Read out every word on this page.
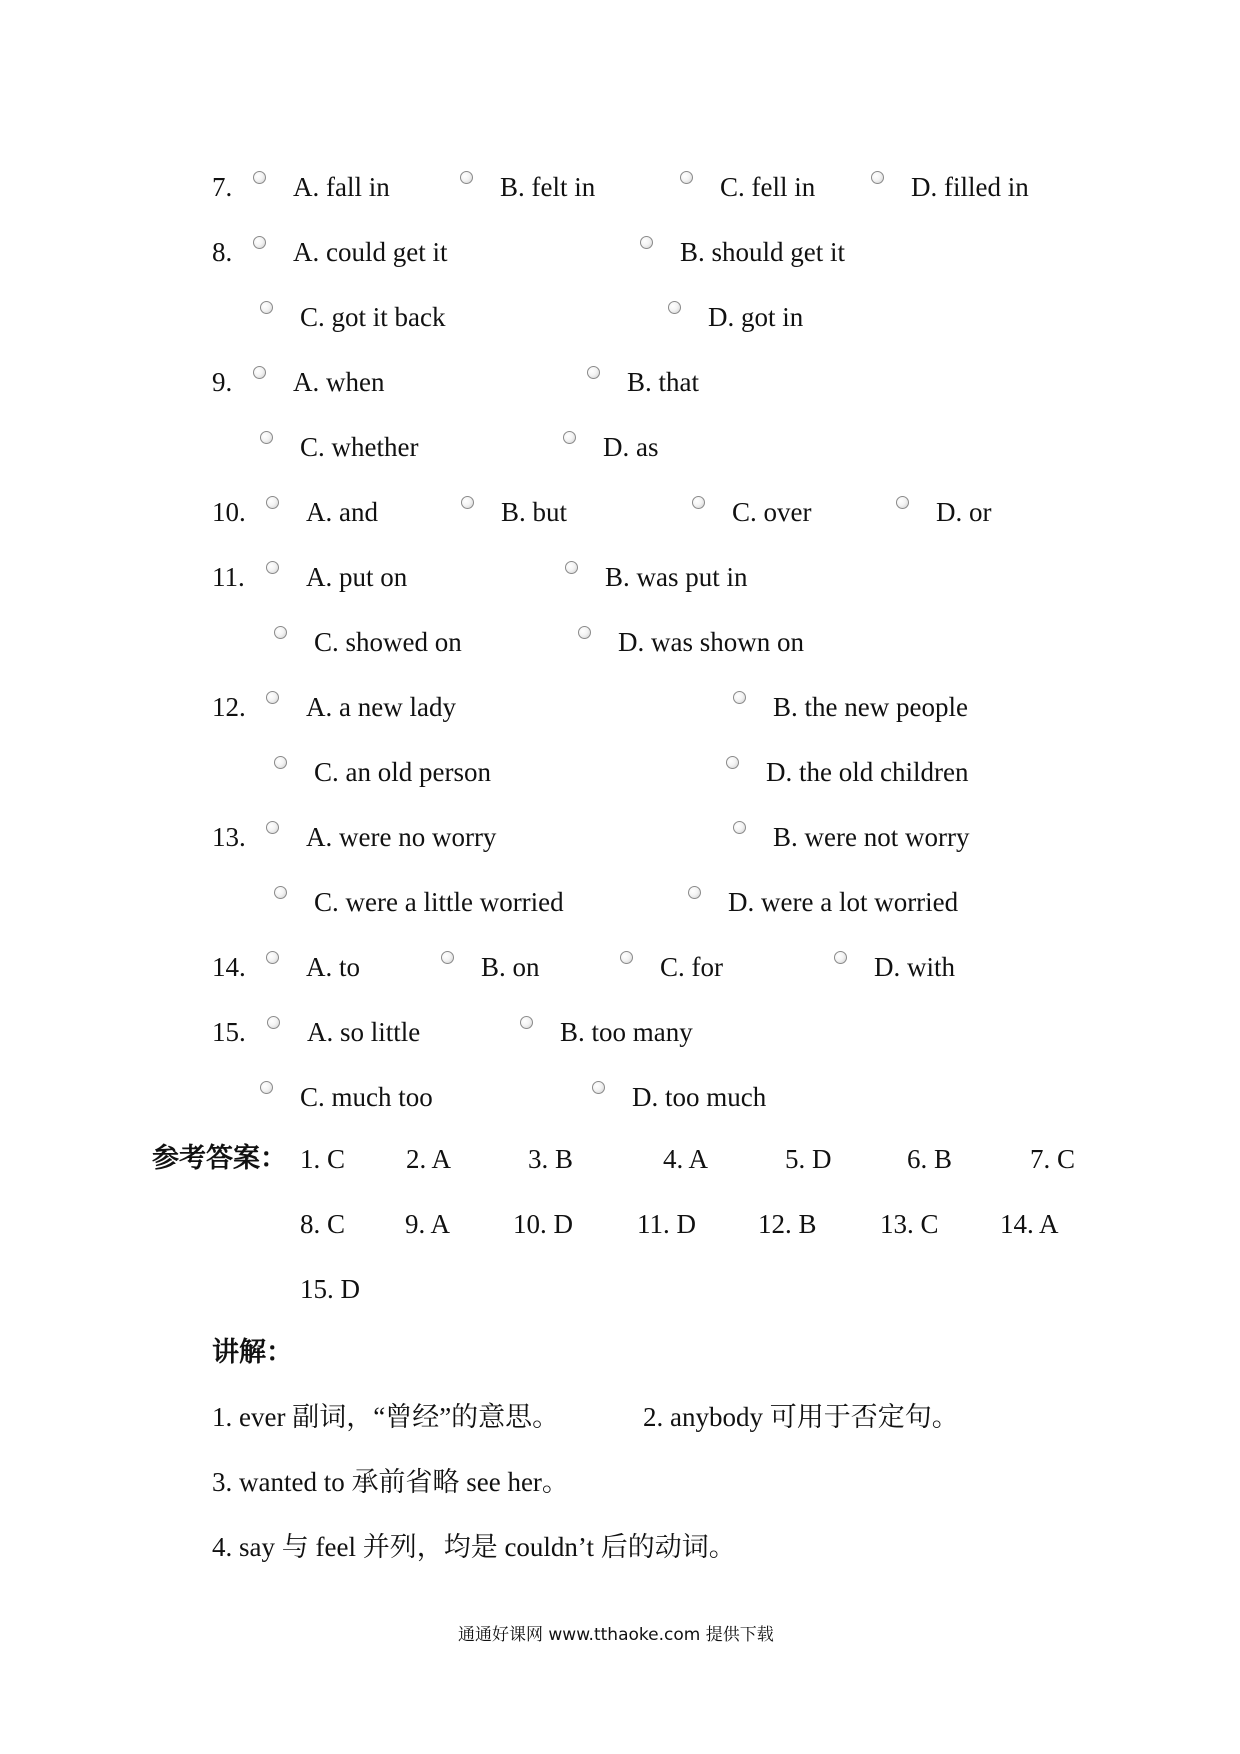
7. A. fall in	B. felt in	C. fell in	D. filled in
8. A. could get it	B. should get it
C. got it back	D. got in
9. A. when	B. that
C. whether	D. as
10. A. and	B. but	C. over	D. or
11. A. put on	B. was put in
C. showed on	D. was shown on
12. A. a new lady	B. the new people
C. an old person	D. the old children
13. A. were no worry	B. were not worry
C. were a little worried	D. were a lot worried
14. A. to	B. on	C. for	D. with
15. A. so little	B. too many
C. much too	D. too much
参考答案： 1. C 2. A	3. B	4. A	5. D	6. B	7. C
8. C 9. A 10. D 11. D 12. B 13. C 14. A
15. D
讲解：
1. ever 副词，“曾经”的意思。	2. anybody 可用于否定句。
3. wanted to 承前省略 see her。
4. say 与 feel 并列，均是 couldn’t 后的动词。
通通好课网 www.tthaoke.com 提供下载
